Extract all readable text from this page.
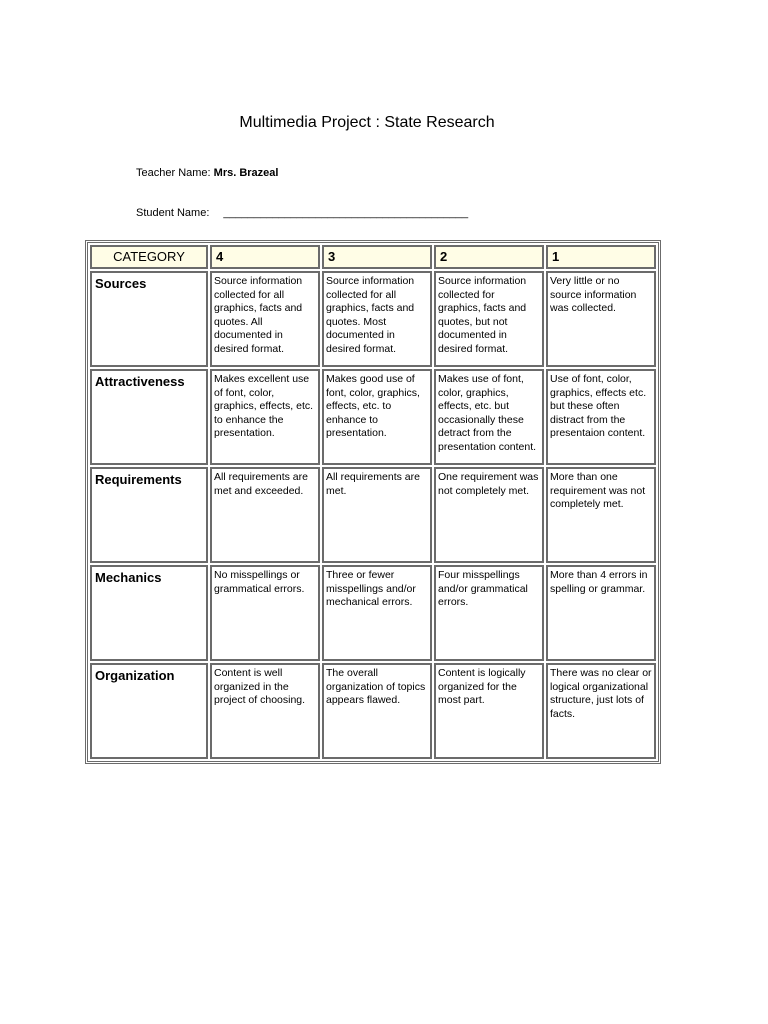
Multimedia Project : State Research
Teacher Name: Mrs. Brazeal
Student Name: ________________________________________
CATEGORY	4	3	2	1
Sources	Source information collected for all graphics, facts and quotes. All documented in desired format.	Source information collected for all graphics, facts and quotes. Most documented in desired format.	Source information collected for graphics, facts and quotes, but not documented in desired format.	Very little or no source information was collected.
Attractiveness	Makes excellent use of font, color, graphics, effects, etc. to enhance the presentation.	Makes good use of font, color, graphics, effects, etc. to enhance to presentation.	Makes use of font, color, graphics, effects, etc. but occasionally these detract from the presentation content.	Use of font, color, graphics, effects etc. but these often distract from the presentaion content.
Requirements	All requirements are met and exceeded.	All requirements are met.	One requirement was not completely met.	More than one requirement was not completely met.
Mechanics	No misspellings or grammatical errors.	Three or fewer misspellings and/or mechanical errors.	Four misspellings and/or grammatical errors.	More than 4 errors in spelling or grammar.
Organization	Content is well organized in the project of choosing.	The overall organization of topics appears flawed.	Content is logically organized for the most part.	There was no clear or logical organizational structure, just lots of facts.
